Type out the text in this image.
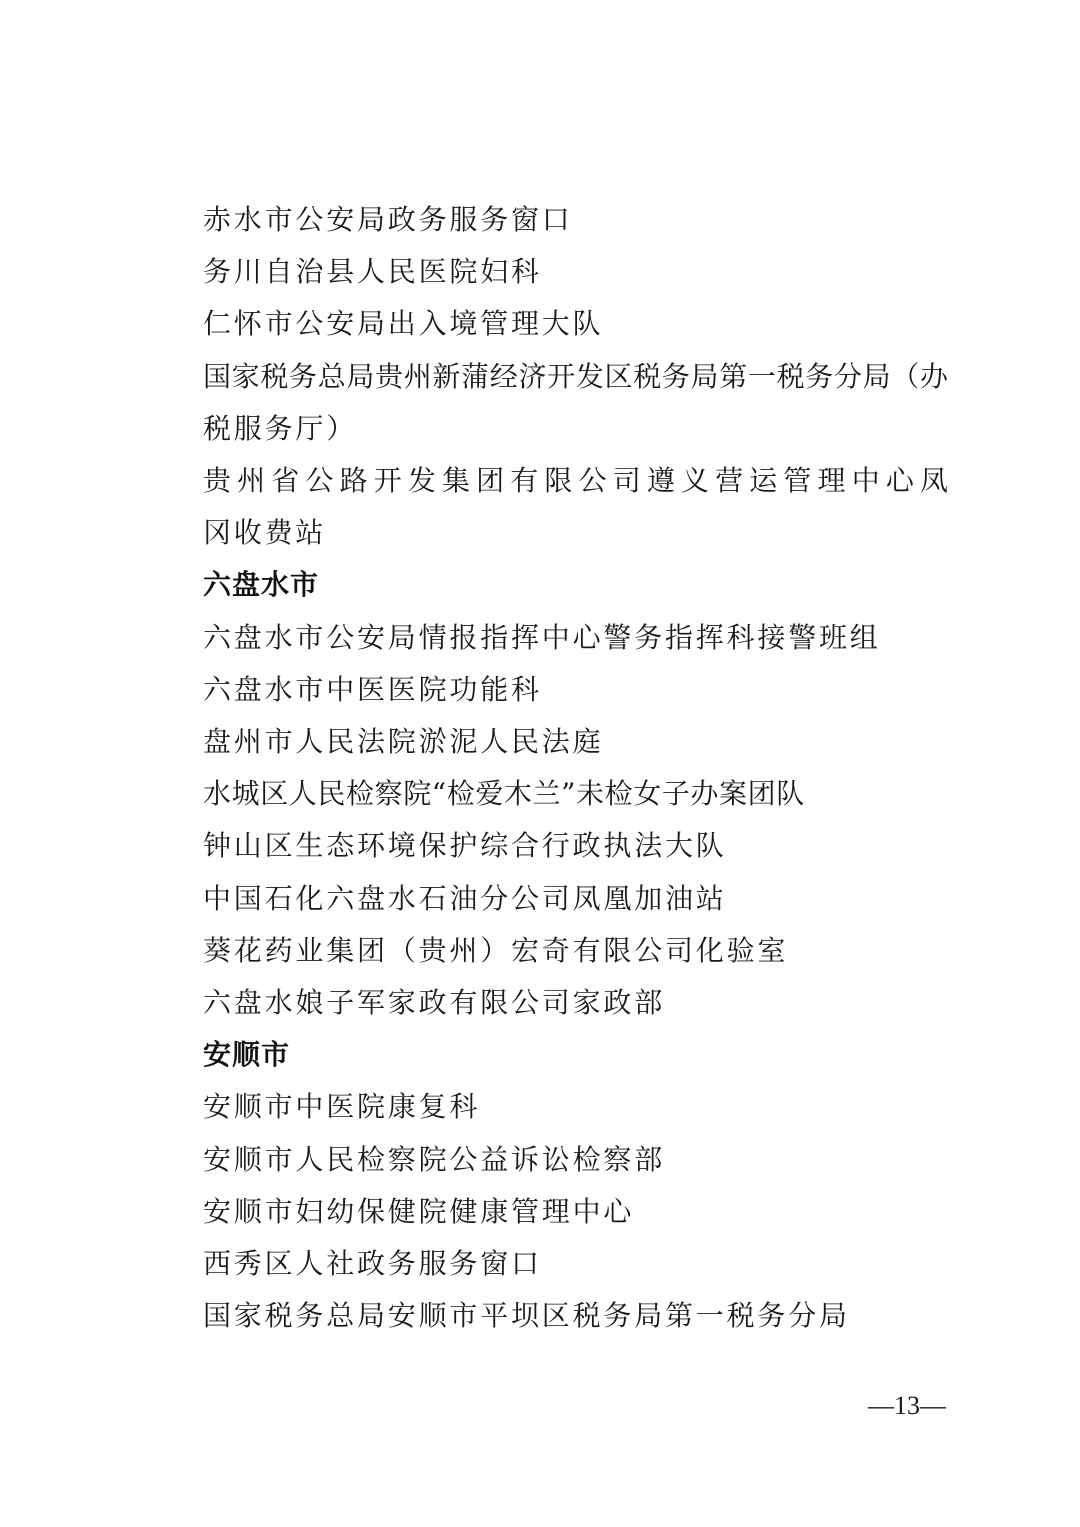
赤水市公安局政务服务窗口
务川自治县人民医院妇科
仁怀市公安局出入境管理大队
国家税务总局贵州新蒲经济开发区税务局第一税务分局（办
税服务厅）
贵州省公路开发集团有限公司遵义营运管理中心凤
冈收费站
六盘水市
六盘水市公安局情报指挥中心警务指挥科接警班组
六盘水市中医医院功能科
盘州市人民法院淤泥人民法庭
水城区人民检察院“检爱木兰”未检女子办案团队
钟山区生态环境保护综合行政执法大队
中国石化六盘水石油分公司凤凰加油站
葵花药业集团（贵州）宏奇有限公司化验室
六盘水娘子军家政有限公司家政部
安顺市
安顺市中医院康复科
安顺市人民检察院公益诉讼检察部
安顺市妇幼保健院健康管理中心
西秀区人社政务服务窗口
国家税务总局安顺市平坝区税务局第一税务分局
—13—
